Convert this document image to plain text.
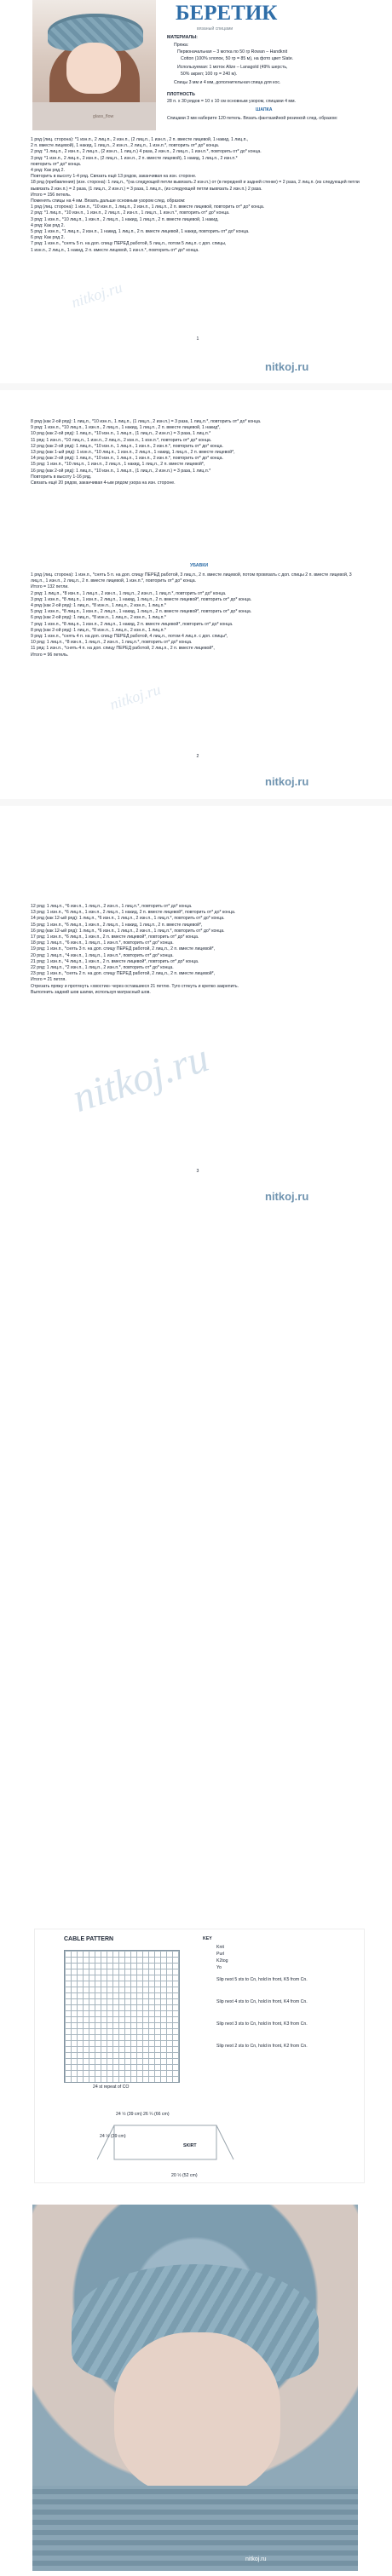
glass_flow
БЕРЕТИК
вязаный спицами
МАТЕРИАЛЫ:
Пряжа:
Первоначальная – 3 мотка по 50 гр Rowan – Handknit
Cotton (100% хлопок, 50 гр = 85 м), на фото цвет Slate.
Используемая: 1 моток Alize – Lanagold (49% шерсть,
50% акрил; 100 гр = 240 м).
Спицы 3 мм и 4 мм, дополнительная спица для кос.
ПЛОТНОСТЬ
28 п. х 30 рядов = 10 х 10 см основным узором, спицами 4 мм.
ШАПКА
Спицами 3 мм наберите 120 петель. Вязать фантазийной резинкой след. образом:
1 ряд (лиц. сторона): *1 изн.п., 2 лиц.п., 2 изн.п., (2 лиц.п., 1 изн.п., 2 п. вместе лицевой, 1 накид, 1 лиц.п.,
2 п. вместе лицевой), 1 накид, 1 лиц.п., 2 изн.п., 2 лиц.п., 1 изн.п.*, повторить от* до* конца.
2 ряд: *1 лиц.п., 2 изн.п., 2 лиц.п., (2 изн.п., 1 лиц.п.) 4 раза, 2 изн.п., 2 лиц.п., 1 изн.п.*, повторить от* до* конца.
3 ряд: *1 изн.п., 2 лиц.п., 2 изн.п., (2 лиц.п., 1 изн.п., 2 п. вместе лицевой), 1 накид, 1 лиц.п., 2 изн.п.*
повторить от* до* конца.
4 ряд: Как ряд 2.
Повторить в высоту 1-4 ряд. Связать ещё 13 рядов, заканчивая на изн. стороне.
18 ряд (прибавления) (изн. сторона): 1 лиц.п., *(на следующей петли вывязать 2 изн.п.) от (в передней и задней стенке) = 2 раза, 2 лиц.п. (из следующей петли вывязать 2 изн.п.) = 2 раза, (1 лиц.п., 2 изн.п.) = 3 раза, 1 лиц.п., (из следующей петли вывязать 2 изн.п.) 2 раза.
Итого = 156 петель.
Поменять спицы на 4 мм. Вязать дальше основным узором след. образом:
1 ряд (лиц. сторона): 1 изн.п., *10 изн.п., 1 лиц.п., 2 изн.п., 1 лиц.п., 2 п. вместе лицевой, повторить от* до* конца.
2 ряд: *1 лиц.п., *10 изн.п., 1 изн.п., 2 лиц.п., 2 изн.п., 1 лиц.п., 1 изн.п.*, повторить от* до* конца.
3 ряд: 1 изн.п., *10 лиц.п., 1 изн.п., 2 лиц.п., 1 накид, 1 лиц.п., 2 п. вместе лицевой, 1 накид,
4 ряд: Как ряд 2.
5 ряд: 1 изн.п., *1 лиц.п., 2 изн.п., 1 накид, 1 лиц.п., 2 п. вместе лицевой, 1 накид, повторить от* до* конца.
6 ряд: Как ряд 2.
7 ряд: 1 изн.п., *снять 5 п. на доп. спицу ПЕРЕД работой, 5 лиц.п., потом 5 лиц.п. с доп. спицы,
1 изн.п., 2 лиц.п., 1 накид, 2 п. вместе лицевой, 1 изн.п.*, повторить от* до* конца.
nitkoj.ru
1
nitkoj.ru
8 ряд (как 2-ой ряд): 1 лиц.п., *10 изн.п., 1 лиц.п., (1 лиц.п., 2 изн.п.) = 3 раза, 1 лиц.п.*, повторить от* до* конца.
9 ряд: 1 изн.п., *10 лиц.п., 1 изн.п., 2 лиц.п., 1 накид, 1 лиц.п., 2 п. вместе лицевой, 1 накид*,
10 ряд (как 2-ой ряд): 1 лиц.п., *10 изн.п., 1 лиц.п., (1 лиц.п., 2 изн.п.) = 3 раза, 1 лиц.п.*
11 ряд: 1 изн.п., *10 лиц.п., 1 изн.п., 2 лиц.п., 2 изн.п., 1 изн.п.*, повторить от* до* конца.
12 ряд (как 2-ой ряд): 1 лиц.п., *10 изн.п., 1 лиц.п., 1 изн.п., 2 изн.п.*, повторить от* до* конца.
13 ряд (как 1-ый ряд): 1 изн.п., *10 лиц.п., 1 изн.п., 2 лиц.п., 1 накид, 1 лиц.п., 2 п. вместе лицевой*,
14 ряд (как 2-ой ряд): 1 лиц.п., *10 изн.п., 1 лиц.п., 1 изн.п., 2 изн.п.*, повторить от* до* конца.
15 ряд: 1 изн.п., *10 лиц.п., 1 изн.п., 2 лиц.п., 1 накид, 1 лиц.п., 2 п. вместе лицевой*,
16 ряд (как 2-ой ряд): 1 лиц.п., *10 изн.п., 1 лиц.п., (1 лиц.п., 2 изн.п.) = 3 раза, 1 лиц.п.*
Повторить в высоту 1-16 ряд.
Связать ещё 20 рядов, заканчивая 4-ым рядом узора на изн. стороне.
УБАВКИ
1 ряд (лиц. сторона): 1 изн.п., *снять 5 п. на доп. спицу ПЕРЕД работой, 3 лиц.п., 2 п. вместе лицевой, потом провязать с доп. спицы 2 п. вместе лицевой, 3 лиц.п., 1 изн.п., 2 лиц.п., 2 п. вместе лицевой, 1 изн.п.*, повторить от* до* конца.
Итого = 132 петли.
2 ряд: 1 лиц.п., *8 изн.п., 1 лиц.п., 2 изн.п., 1 лиц.п., 2 изн.п., 1 лиц.п.*, повторить от* до* конца.
3 ряд: 1 изн.п., *8 лиц.п., 1 изн.п., 2 лиц.п., 1 накид, 1 лиц.п., 2 п. вместе лицевой*, повторить от* до* конца.
4 ряд (как 2-ой ряд): 1 лиц.п., *8 изн.п., 1 лиц.п., 2 изн.п., 1 лиц.п.*
5 ряд: 1 изн.п., *8 лиц.п., 1 изн.п., 2 лиц.п., 1 накид, 1 лиц.п., 2 п. вместе лицевой*, повторить от* до* конца.
6 ряд (как 2-ой ряд): 1 лиц.п., *8 изн.п., 1 лиц.п., 2 изн.п., 1 лиц.п.*
7 ряд: 1 изн.п., *8 лиц.п., 1 изн.п., 2 лиц.п., 1 накид, 2 п. вместе лицевой*, повторить от* до* конца.
8 ряд (как 2-ой ряд): 1 лиц.п., *8 изн.п., 1 лиц.п., 2 изн.п., 1 лиц.п.*
9 ряд: 1 изн.п., *снять 4 п. на доп. спицу ПЕРЕД работой, 4 лиц.п., потом 4 лиц.п. с доп. спицы*,
10 ряд: 1 лиц.п., *8 изн.п., 1 лиц.п., 2 изн.п., 1 лиц.п.*, повторить от* до* конца.
11 ряд: 1 изн.п., *снять 4 п. на доп. спицу ПЕРЕД работой, 2 лиц.п., 2 п. вместе лицевой*,
Итого = 96 петель.
nitkoj.ru
2
nitkoj.ru
12 ряд: 1 лиц.п., *6 изн.п., 1 лиц.п., 2 изн.п., 1 лиц.п.*, повторить от* до* конца.
13 ряд: 1 изн.п., *6 лиц.п., 1 изн.п., 2 лиц.п., 1 накид, 2 п. вместе лицевой*, повторить от* до* конца.
14 ряд (как 12-ый ряд): 1 лиц.п., *6 изн.п., 1 лиц.п., 2 изн.п., 1 лиц.п.*, повторить от* до* конца.
15 ряд: 1 изн.п., *6 лиц.п., 1 изн.п., 2 лиц.п., 1 накид, 1 лиц.п., 2 п. вместе лицевой*,
16 ряд (как 12-ый ряд): 1 лиц.п., *6 изн.п., 1 лиц.п., 2 изн.п., 1 лиц.п.*, повторить от* до* конца.
17 ряд: 1 изн.п., *6 лиц.п., 1 изн.п., 2 п. вместе лицевой*, повторить от* до* конца.
18 ряд: 1 лиц.п., *6 изн.п., 1 лиц.п., 1 изн.п.*, повторить от* до* конца.
19 ряд: 1 изн.п., *снять 3 п. на доп. спицу ПЕРЕД работой, 2 лиц.п., 2 п. вместе лицевой*,
20 ряд: 1 лиц.п., *4 изн.п., 1 лиц.п., 1 изн.п.*, повторить от* до* конца.
21 ряд: 1 изн.п., *4 лиц.п., 1 изн.п., 2 п. вместе лицевой*, повторить от* до* конца.
22 ряд: 1 лиц.п., *2 изн.п., 1 лиц.п., 2 изн.п.*, повторить от* до* конца.
23 ряд: 1 изн.п., *снять 2 п. на доп. спицу ПЕРЕД работой, 2 лиц.п., 2 п. вместе лицевой*,
Итого = 21 петля.
Отрезать пряжу и протянуть «хвостик» через оставшиеся 21 петлю. Туго стянуть и крепко закрепить.
Выполнить задний шов шапки, используя матрасный шов.
nitkoj.ru
3
nitkoj.ru
CABLE PATTERN
24 st repeat of CO
KEY
Knit
Purl
K2tog
Yo
Slip next 5 sts to Cn, hold in front, K5 from Cn.
Slip next 4 sts to Cn, hold in front, K4 from Cn.
Slip next 3 sts to Cn, hold in front, K3 from Cn.
Slip next 2 sts to Cn, hold in front, K2 from Cn.
24 ½ (39 cm) 26 ¼ (66 cm)
24 ½ (39 cm)
20 ½ (52 cm)
SKIRT
nitkoj.ru
